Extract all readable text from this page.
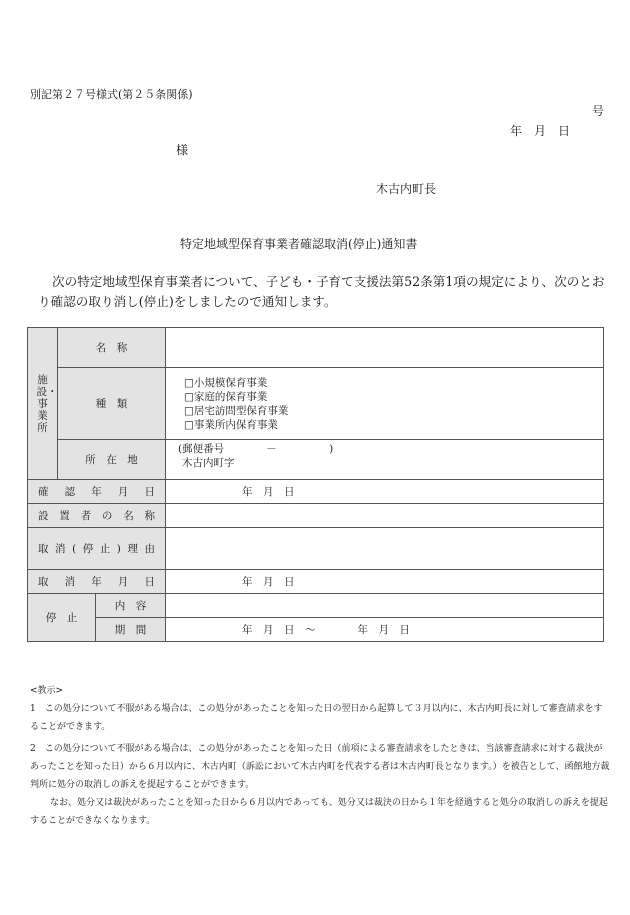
別記第２７号様式(第２５条関係)
号
年　月　日
様
木古内町長
特定地域型保育事業者確認取消(停止)通知書
次の特定地域型保育事業者について、子ども・子育て支援法第52条第1項の規定により、次のとおり確認の取り消し(停止)をしましたので通知します。
施設・事業所	名　称		
	種　類		□小規模保育事業
□家庭的保育事業
□居宅訪問型保育事業
□事業所内保育事業

	所　在　地		(郵便番号　　　　－　　　　　)
木古内町字

確認年月日			年　月　日
設置者の名称			
取消(停止)理由			
取消年月日			年　月　日
停　止		内　容	
		期　間	年　月　日　～　　　　年　月　日
<教示>
1　この処分について不服がある場合は、この処分があったことを知った日の翌日から起算して３月以内に、木古内町長に対して審査請求をすることができます。
2　この処分について不服がある場合は、この処分があったことを知った日（前項による審査請求をしたときは、当該審査請求に対する裁決があったことを知った日）から６月以内に、木古内町（訴訟において木古内町を代表する者は木古内町長となります。）を被告として、函館地方裁判所に処分の取消しの訴えを提起することができます。
なお、処分又は裁決があったことを知った日から６月以内であっても、処分又は裁決の日から１年を経過すると処分の取消しの訴えを提起することができなくなります。
